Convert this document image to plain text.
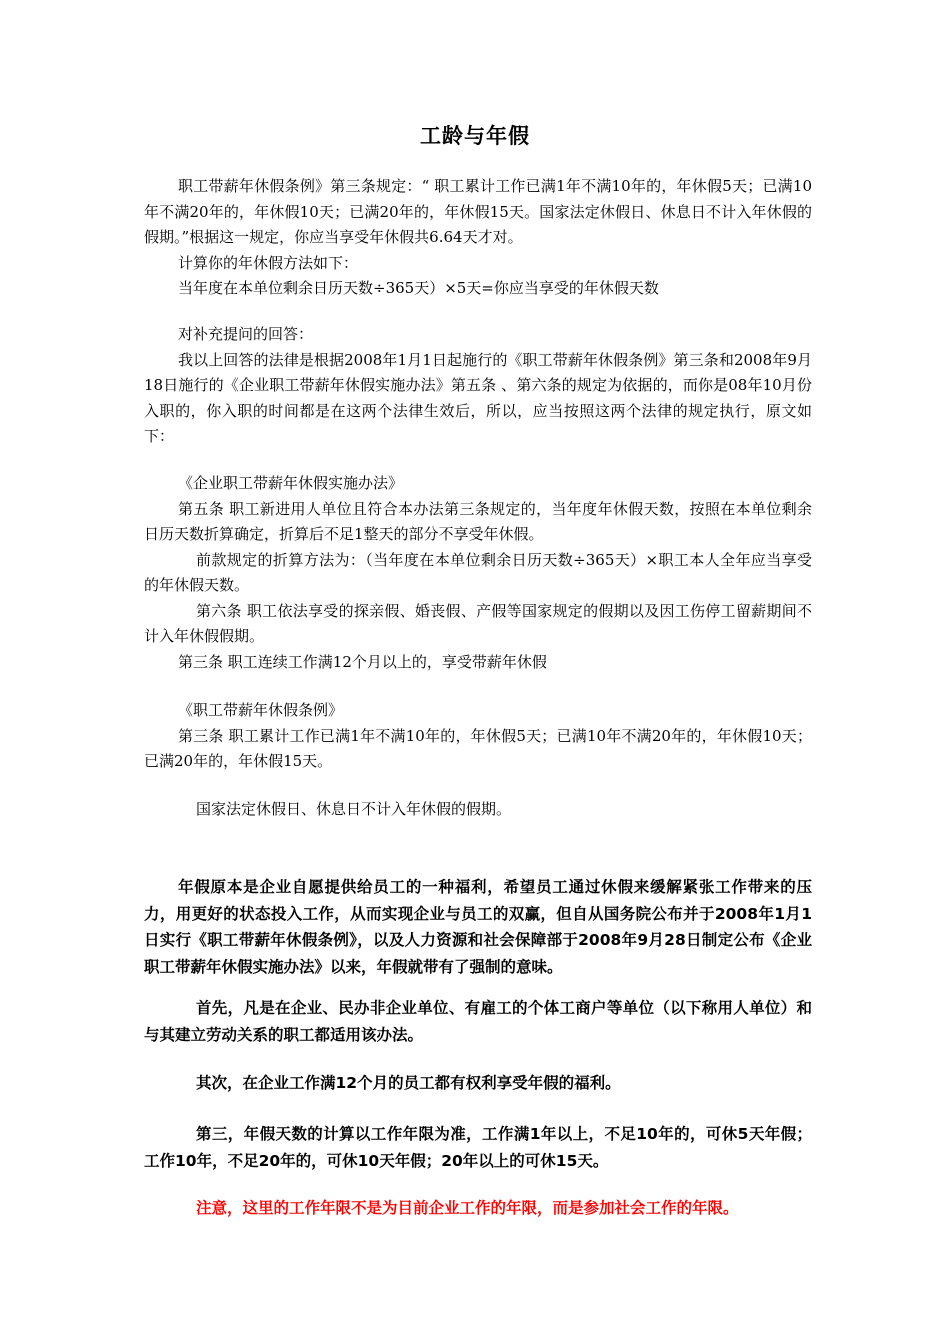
工龄与年假

职工带薪年休假条例》第三条规定：“ 职工累计工作已满1年不满10年的，年休假5天；已满10年不满20年的，年休假10天；已满20年的，年休假15天。国家法定休假日、休息日不计入年休假的假期。”根据这一规定，你应当享受年休假共6.64天才对。

计算你的年休假方法如下：

当年度在本单位剩余日历天数÷365天）×5天=你应当享受的年休假天数

对补充提问的回答：

我以上回答的法律是根据2008年1月1日起施行的《职工带薪年休假条例》第三条和2008年9月18日施行的《企业职工带薪年休假实施办法》第五条 、第六条的规定为依据的，而你是08年10月份入职的，你入职的时间都是在这两个法律生效后，所以，应当按照这两个法律的规定执行，原文如下：

《企业职工带薪年休假实施办法》

第五条 职工新进用人单位且符合本办法第三条规定的，当年度年休假天数，按照在本单位剩余日历天数折算确定，折算后不足1整天的部分不享受年休假。

前款规定的折算方法为：（当年度在本单位剩余日历天数÷365天）×职工本人全年应当享受的年休假天数。

第六条 职工依法享受的探亲假、婚丧假、产假等国家规定的假期以及因工伤停工留薪期间不计入年休假假期。

第三条 职工连续工作满12个月以上的，享受带薪年休假

《职工带薪年休假条例》

第三条 职工累计工作已满1年不满10年的，年休假5天；已满10年不满20年的，年休假10天；已满20年的，年休假15天。

国家法定休假日、休息日不计入年休假的假期。

年假原本是企业自愿提供给员工的一种福利，希望员工通过休假来缓解紧张工作带来的压力，用更好的状态投入工作，从而实现企业与员工的双赢，但自从国务院公布并于2008年1月1日实行《职工带薪年休假条例》，以及人力资源和社会保障部于2008年9月28日制定公布《企业职工带薪年休假实施办法》以来，年假就带有了强制的意味。

首先，凡是在企业、民办非企业单位、有雇工的个体工商户等单位（以下称用人单位）和与其建立劳动关系的职工都适用该办法。

其次，在企业工作满12个月的员工都有权利享受年假的福利。

第三，年假天数的计算以工作年限为准，工作满1年以上，不足10年的，可休5天年假；工作10年，不足20年的，可休10天年假；20年以上的可休15天。

注意，这里的工作年限不是为目前企业工作的年限，而是参加社会工作的年限。
